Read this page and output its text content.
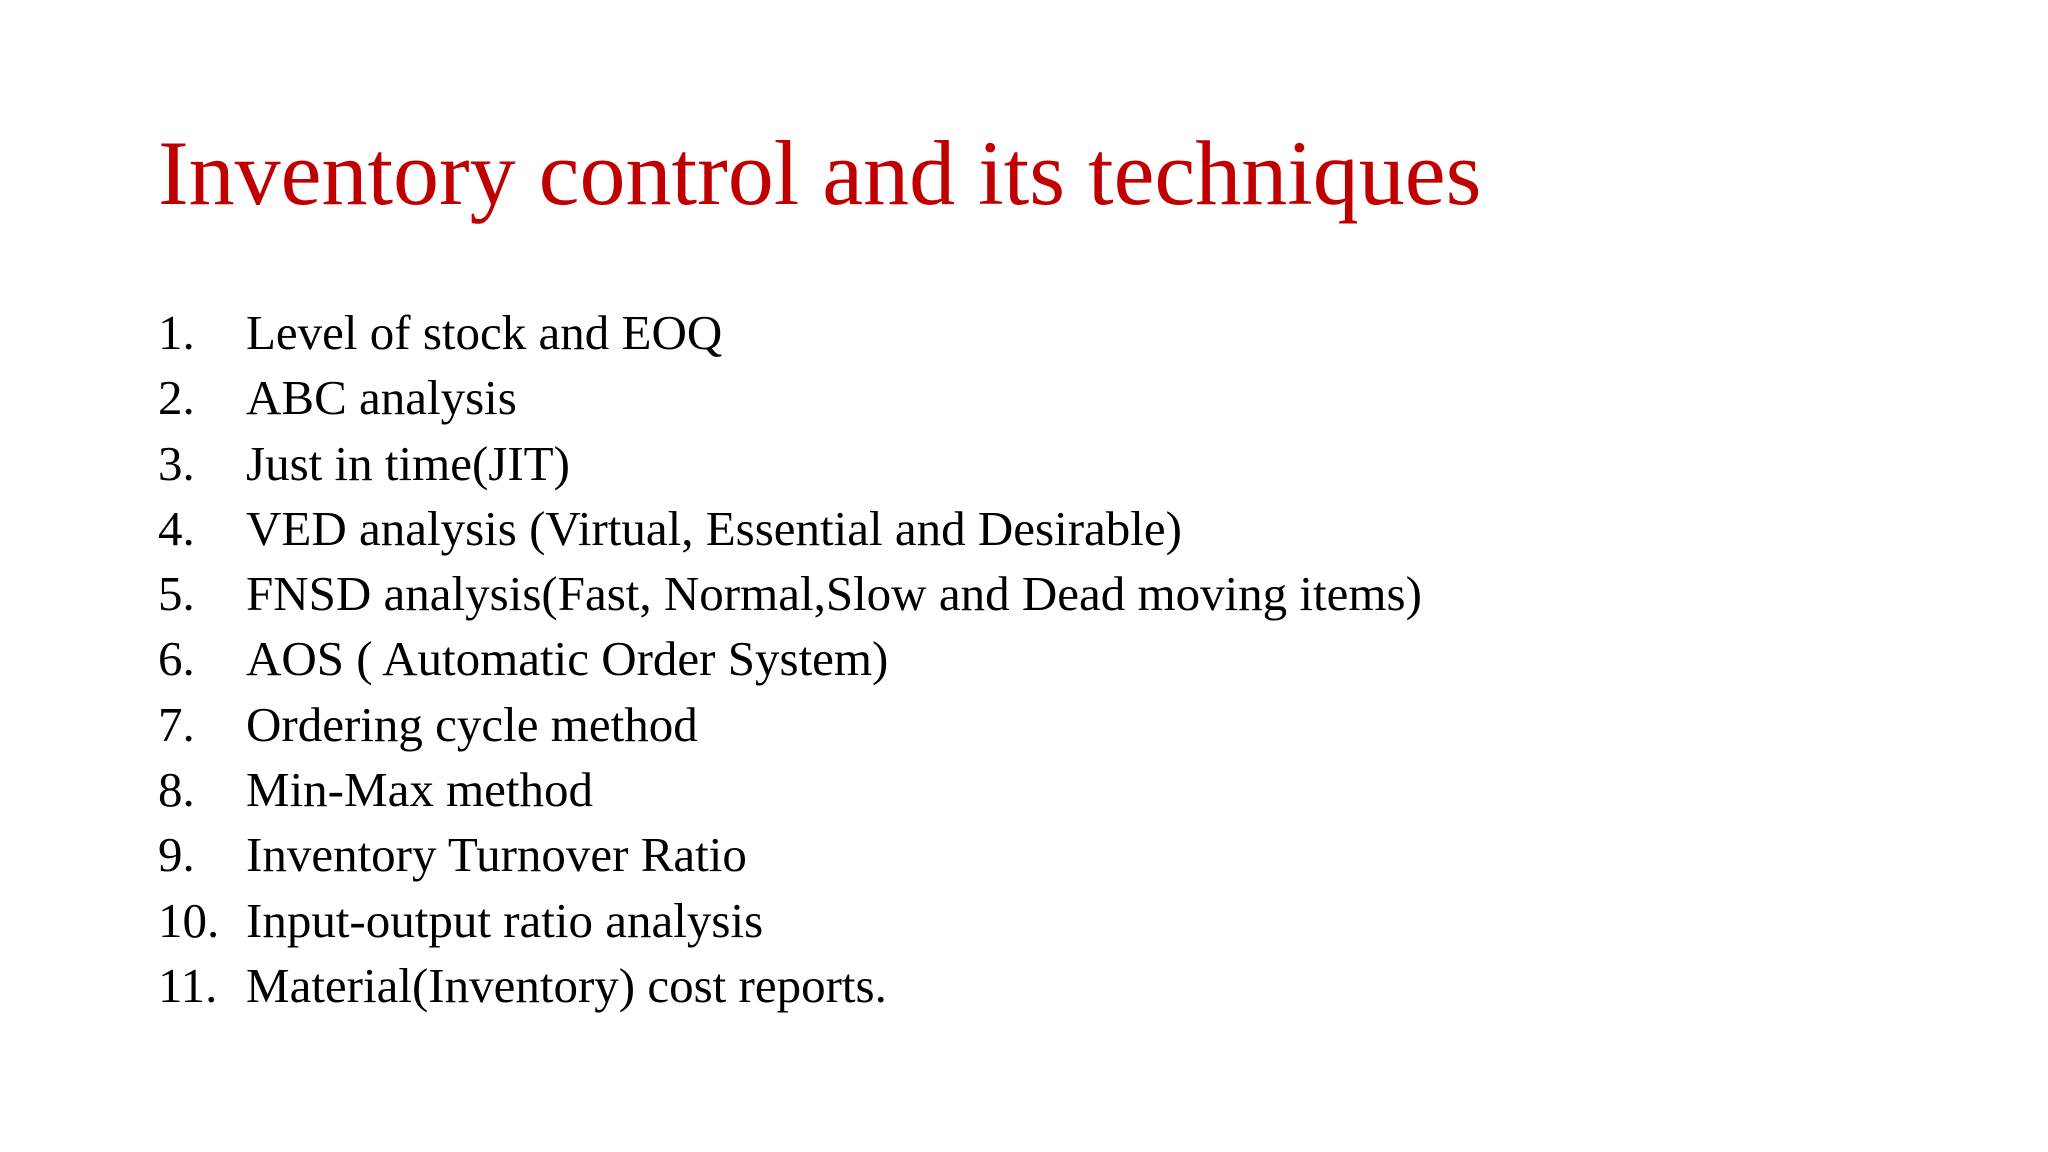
Inventory control and its techniques
1.	Level of stock and EOQ
2.	ABC analysis
3.	Just in time(JIT)
4.	VED analysis (Virtual, Essential and Desirable)
5.	FNSD analysis(Fast, Normal,Slow and Dead moving items)
6.	AOS ( Automatic Order System)
7.	Ordering cycle method
8.	Min-Max method
9.	Inventory Turnover Ratio
10. Input-output ratio analysis
11. Material(Inventory) cost reports.
